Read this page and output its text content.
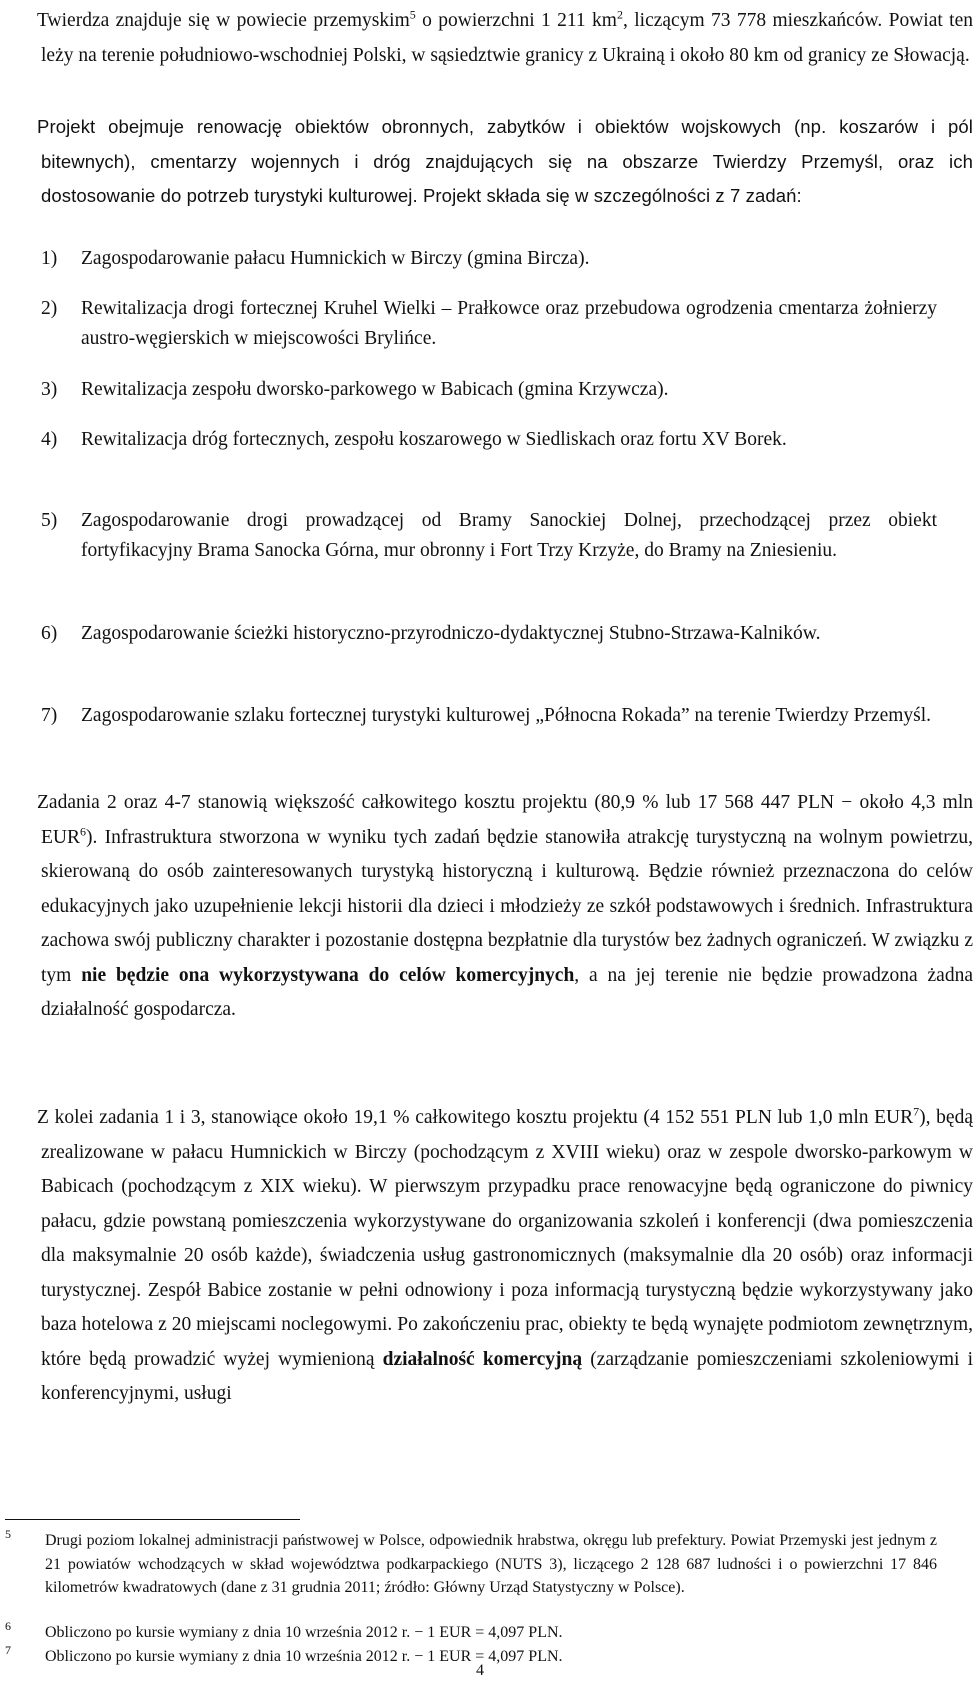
Twierdza znajduje się w powiecie przemyskim$^5$ o powierzchni 1 211 $km^2$, liczącym 73 778 mieszkańców. Powiat ten leży na terenie południowo-wschodniej Polski, w sąsiedztwie granicy z Ukrainą i około 80 km od granicy ze Słowacją.
Projekt obejmuje renowację obiektów obronnych, zabytków i obiektów wojskowych (np. koszarów i pól bitewnych), cmentarzy wojennych i dróg znajdujących się na obszarze Twierdzy Przemyśl, oraz ich dostosowanie do potrzeb turystyki kulturowej. Projekt składa się w szczególności z 7 zadań:
1) Zagospodarowanie pałacu Humnickich w Birczy (gmina Bircza).
2) Rewitalizacja drogi fortecznej Kruhel Wielki – Prałkowce oraz przebudowa ogrodzenia cmentarza żołnierzy austro-węgierskich w miejscowości Brylińce.
3) Rewitalizacja zespołu dworsko-parkowego w Babicach (gmina Krzywcza).
4) Rewitalizacja dróg fortecznych, zespołu koszarowego w Siedliskach oraz fortu XV Borek.
5) Zagospodarowanie drogi prowadzącej od Bramy Sanockiej Dolnej, przechodzącej przez obiekt fortyfikacyjny Brama Sanocka Górna, mur obronny i Fort Trzy Krzyże, do Bramy na Zniesieniu.
6) Zagospodarowanie ścieżki historyczno-przyrodniczo-dydaktycznej Stubno-Strzawa-Kalników.
7) Zagospodarowanie szlaku fortecznej turystyki kulturowej „Północna Rokada” na terenie Twierdzy Przemyśl.
Zadania 2 oraz 4-7 stanowią większość całkowitego kosztu projektu (80,9 % lub 17 568 447 PLN − około 4,3 mln EUR$^6$). Infrastruktura stworzona w wyniku tych zadań będzie stanowiła atrakcję turystyczną na wolnym powietrzu, skierowaną do osób zainteresowanych turystyką historyczną i kulturową. Będzie również przeznaczona do celów edukacyjnych jako uzupełnienie lekcji historii dla dzieci i młodzieży ze szkół podstawowych i średnich. Infrastruktura zachowa swój publiczny charakter i pozostanie dostępna bezpłatnie dla turystów bez żadnych ograniczeń. W związku z tym nie będzie ona wykorzystywana do celów komercyjnych, a na jej terenie nie będzie prowadzona żadna działalność gospodarcza.
Z kolei zadania 1 i 3, stanowiące około 19,1 % całkowitego kosztu projektu (4 152 551 PLN lub 1,0 mln EUR$^7$), będą zrealizowane w pałacu Humnickich w Birczy (pochodzącym z XVIII wieku) oraz w zespole dworsko-parkowym w Babicach (pochodzącym z XIX wieku). W pierwszym przypadku prace renowacyjne będą ograniczone do piwnicy pałacu, gdzie powstaną pomieszczenia wykorzystywane do organizowania szkoleń i konferencji (dwa pomieszczenia dla maksymalnie 20 osób każde), świadczenia usług gastronomicznych (maksymalnie dla 20 osób) oraz informacji turystycznej. Zespół Babice zostanie w pełni odnowiony i poza informacją turystyczną będzie wykorzystywany jako baza hotelowa z 20 miejscami noclegowymi. Po zakończeniu prac, obiekty te będą wynajęte podmiotom zewnętrznym, które będą prowadzić wyżej wymienioną działalność komercyjną (zarządzanie pomieszczeniami szkoleniowymi i konferencyjnymi, usługi
5 Drugi poziom lokalnej administracji państwowej w Polsce, odpowiednik hrabstwa, okręgu lub prefektury. Powiat Przemyski jest jednym z 21 powiatów wchodzących w skład województwa podkarpackiego (NUTS 3), liczącego 2 128 687 ludności i o powierzchni 17 846 kilometrów kwadratowych (dane z 31 grudnia 2011; źródło: Główny Urząd Statystyczny w Polsce).
6 Obliczono po kursie wymiany z dnia 10 września 2012 r. − 1 EUR = 4,097 PLN.
7 Obliczono po kursie wymiany z dnia 10 września 2012 r. − 1 EUR = 4,097 PLN.
4
